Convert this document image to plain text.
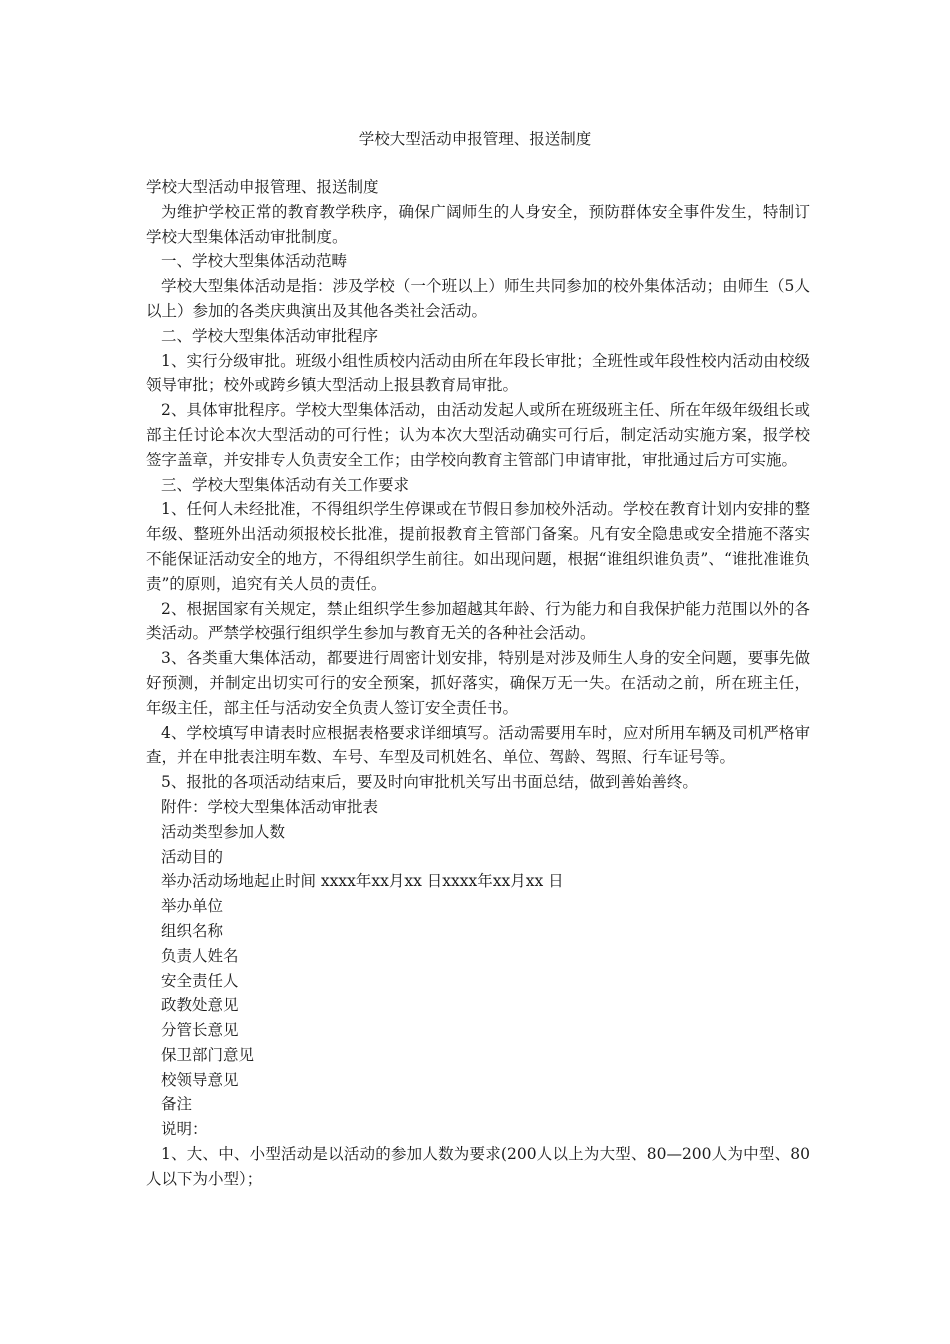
学校大型活动申报管理、报送制度

学校大型活动申报管理、报送制度

为维护学校正常的教育教学秩序，确保广阔师生的人身安全，预防群体安全事件发生，特制订学校大型集体活动审批制度。

一、学校大型集体活动范畴

学校大型集体活动是指：涉及学校（一个班以上）师生共同参加的校外集体活动；由师生（5人以上）参加的各类庆典演出及其他各类社会活动。

二、学校大型集体活动审批程序

1、实行分级审批。班级小组性质校内活动由所在年段长审批；全班性或年段性校内活动由校级领导审批；校外或跨乡镇大型活动上报县教育局审批。

2、具体审批程序。学校大型集体活动，由活动发起人或所在班级班主任、所在年级年级组长或部主任讨论本次大型活动的可行性；认为本次大型活动确实可行后，制定活动实施方案，报学校签字盖章，并安排专人负责安全工作；由学校向教育主管部门申请审批，审批通过后方可实施。

三、学校大型集体活动有关工作要求

1、任何人未经批准，不得组织学生停课或在节假日参加校外活动。学校在教育计划内安排的整年级、整班外出活动须报校长批准，提前报教育主管部门备案。凡有安全隐患或安全措施不落实不能保证活动安全的地方，不得组织学生前往。如出现问题，根据“谁组织谁负责”、“谁批准谁负责”的原则，追究有关人员的责任。

2、根据国家有关规定，禁止组织学生参加超越其年龄、行为能力和自我保护能力范围以外的各类活动。严禁学校强行组织学生参加与教育无关的各种社会活动。

3、各类重大集体活动，都要进行周密计划安排，特别是对涉及师生人身的安全问题，要事先做好预测，并制定出切实可行的安全预案，抓好落实，确保万无一失。在活动之前，所在班主任，年级主任，部主任与活动安全负责人签订安全责任书。

4、学校填写申请表时应根据表格要求详细填写。活动需要用车时，应对所用车辆及司机严格审查，并在申批表注明车数、车号、车型及司机姓名、单位、驾龄、驾照、行车证号等。

5、报批的各项活动结束后，要及时向审批机关写出书面总结，做到善始善终。

附件：学校大型集体活动审批表

活动类型参加人数

活动目的

举办活动场地起止时间 xxxx年xx月xx 日xxxx年xx月xx 日

举办单位

组织名称

负责人姓名

安全责任人

政教处意见

分管长意见

保卫部门意见

校领导意见

备注

说明：

1、大、中、小型活动是以活动的参加人数为要求(200人以上为大型、80—200人为中型、80人以下为小型）；
